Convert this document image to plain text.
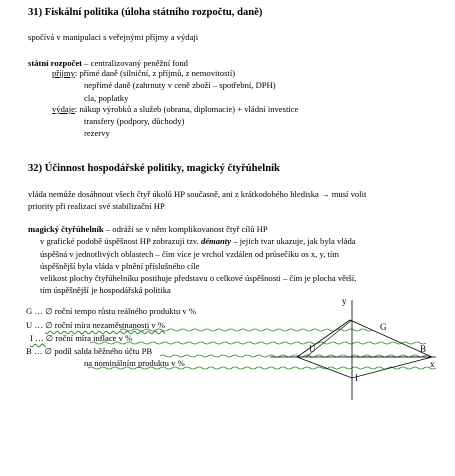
31) Fiskální politika (úloha státního rozpočtu, daně)
spočívá v manipulaci s veřejnými příjmy a výdaji
státní rozpočet – centralizovaný peněžní fond
příjmy: přímé daně (silniční, z příjmů, z nemovitostí)
nepřímé daně (zahrnuty v ceně zboží – spotřební, DPH)
cla, poplatky
výdaje: nákup výrobků a služeb (obrana, diplomacie) + vládní investice
transfery (podpory, důchody)
rezervy
32) Účinnost hospodářské politiky, magický čtyřúhelník
vláda nemůže dosáhnout všech čtyř úkolů HP současně, ani z krátkodobého hlediska → musí volit
priority při realizaci své stabilizační HP
magický čtyřúhelník – odráží se v něm komplikovanost čtyř cílů HP
v grafické podobě úspěšnost HP zobrazují tzv. démanty – jejich tvar ukazuje, jak byla vláda
úspěšná v jednotlivých oblastech – čím více je vrchol vzdálen od průsečíku os x, y, tím
úspěšnější byla vláda v plnění příslušného cíle
velikost plochy čtyřúhelníku postihuje představu o celkové úspěšnosti – čím je plocha větší,
tím úspěšnější je hospodářská politika
G … ∅ roční tempo růstu reálného produktu v %
U … ∅ roční míra nezaměstnanosti v %
I … ∅ roční míra inflace v %
B … ∅ podíl salda běžného účtu PB
na nominálním produktu v %
y
x
G
U	B
I
